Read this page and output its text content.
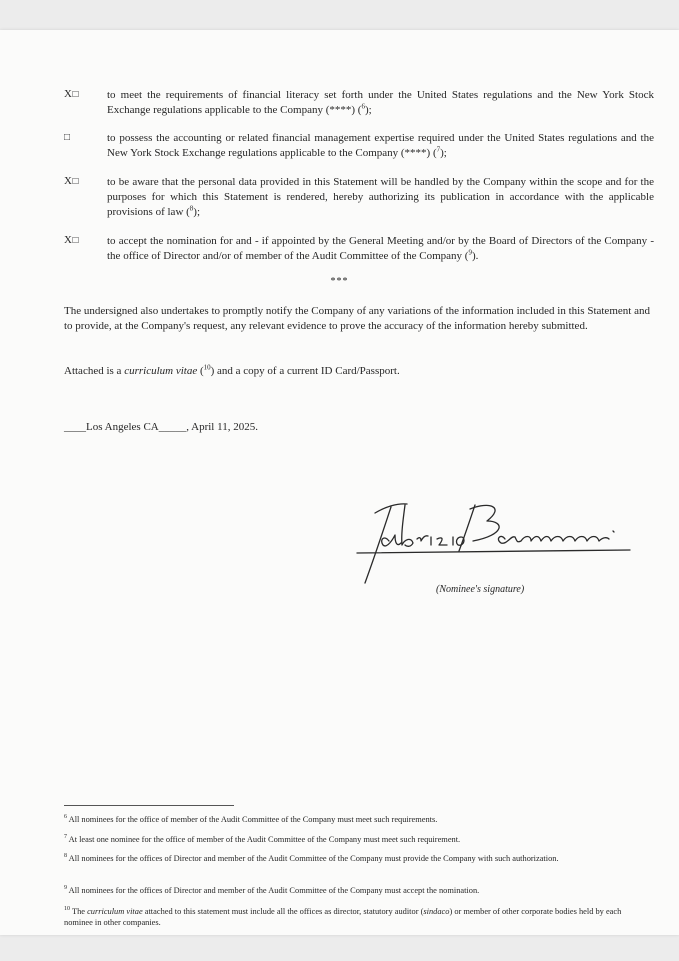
X□	to meet the requirements of financial literacy set forth under the United States regulations and the New York Stock Exchange regulations applicable to the Company (****) ($^6$);
□	to possess the accounting or related financial management expertise required under the United States regulations and the New York Stock Exchange regulations applicable to the Company (****) ($^7$);
X□	to be aware that the personal data provided in this Statement will be handled by the Company within the scope and for the purposes for which this Statement is rendered, hereby authorizing its publication in accordance with the applicable provisions of law ($^8$);
X□	to accept the nomination for and - if appointed by the General Meeting and/or by the Board of Directors of the Company - the office of Director and/or of member of the Audit Committee of the Company ($^9$).
***
The undersigned also undertakes to promptly notify the Company of any variations of the information included in this Statement and to provide, at the Company's request, any relevant evidence to prove the accuracy of the information hereby submitted.
Attached is a curriculum vitae ($^{10}$) and a copy of a current ID Card/Passport.
____Los Angeles CA_____, April 11, 2025.
(Nominee's signature)
$^6$ All nominees for the office of member of the Audit Committee of the Company must meet such requirements.
$^7$ At least one nominee for the office of member of the Audit Committee of the Company must meet such requirement.
$^8$ All nominees for the offices of Director and member of the Audit Committee of the Company must provide the Company with such authorization.
$^9$ All nominees for the offices of Director and member of the Audit Committee of the Company must accept the nomination.
$^{10}$ The curriculum vitae attached to this statement must include all the offices as director, statutory auditor (sindaco) or member of other corporate bodies held by each nominee in other companies.
